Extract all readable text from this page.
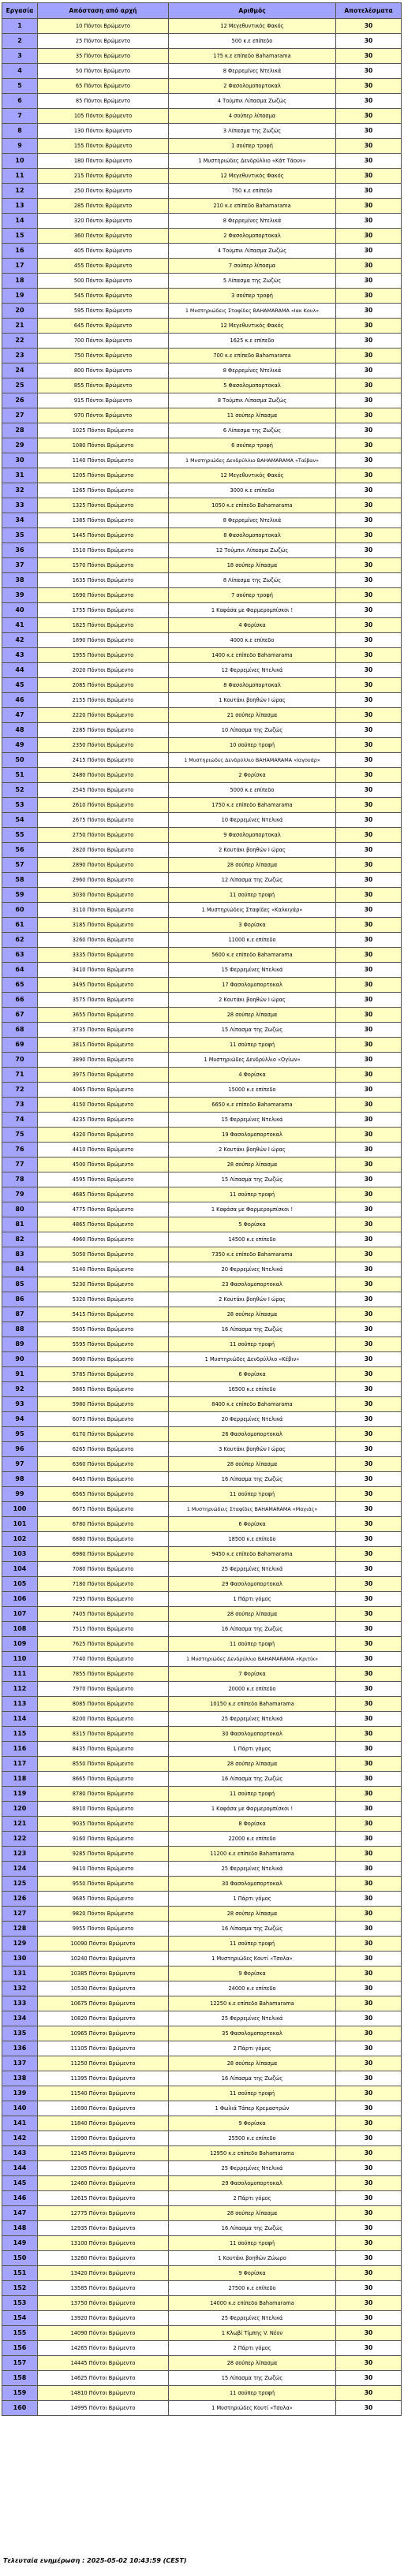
Εργασία	Απόσταση από αρχή	Αριθμός	Αποτελέσματα
1	10 Πόντοι Βρώμεντο	12 Μεγεθυντικός Φακός	30
2	25 Πόντοι Βρώμεντο	500 κ.ε επίπεδο	30
3	35 Πόντοι Βρώμεντο	175 κ.ε επίπεδο Bahamarama	30
4	50 Πόντοι Βρώμεντο	8 Φερρεμίνες Ντελικά	30
5	65 Πόντοι Βρώμεντο	2 Φασολομοπορτοκαλ	30
6	85 Πόντοι Βρώμεντο	4 Τούμπνι Λίπασμα Ζωζώς	30
7	105 Πόντοι Βρώμεντο	4 σούπερ λίπασμα	30
8	130 Πόντοι Βρώμεντο	3 Λίπασμα της Ζωζώς	30
9	155 Πόντοι Βρώμεντο	1 σούπερ τροφή	30
10	180 Πόντοι Βρώμεντο	1 Μυστηριώδες Δενδρύλλιο «Κάτ Τάουν»	30
11	215 Πόντοι Βρώμεντο	12 Μεγεθυντικός Φακός	30
12	250 Πόντοι Βρώμεντο	750 κ.ε επίπεδο	30
13	285 Πόντοι Βρώμεντο	210 κ.ε επίπεδο Bahamarama	30
14	320 Πόντοι Βρώμεντο	8 Φερρεμίνες Ντελικά	30
15	360 Πόντοι Βρώμεντο	2 Φασολομοπορτοκαλ	30
16	405 Πόντοι Βρώμεντο	4 Τούμπνι Λίπασμα Ζωζώς	30
17	455 Πόντοι Βρώμεντο	7 σούπερ λίπασμα	30
18	500 Πόντοι Βρώμεντο	5 Λίπασμα της Ζωζώς	30
19	545 Πόντοι Βρώμεντο	3 σούπερ τροφή	30
20	595 Πόντοι Βρώμεντο	1 Μυστηριώδεις Σταφίδες BAHAMARAMA «Ιακ Κουλ»	30
21	645 Πόντοι Βρώμεντο	12 Μεγεθυντικός Φακός	30
22	700 Πόντοι Βρώμεντο	1625 κ.ε επίπεδο	30
23	750 Πόντοι Βρώμεντο	700 κ.ε επίπεδο Bahamarama	30
24	800 Πόντοι Βρώμεντο	8 Φερρεμίνες Ντελικά	30
25	855 Πόντοι Βρώμεντο	5 Φασολομοπορτοκαλ	30
26	915 Πόντοι Βρώμεντο	8 Τούμπνι Λίπασμα Ζωζώς	30
27	970 Πόντοι Βρώμεντο	11 σούπερ λίπασμα	30
28	1025 Πόντοι Βρώμεντο	6 Λίπασμα της Ζωζώς	30
29	1080 Πόντοι Βρώμεντο	6 σούπερ τροφή	30
30	1140 Πόντοι Βρώμεντο	1 Μυστηριώδες Δενδρύλλιο BAHAMARAMA «Ταϊβαν»	30
31	1205 Πόντοι Βρώμεντο	12 Μεγεθυντικός Φακός	30
32	1265 Πόντοι Βρώμεντο	3000 κ.ε επίπεδο	30
33	1325 Πόντοι Βρώμεντο	1050 κ.ε επίπεδο Bahamarama	30
34	1385 Πόντοι Βρώμεντο	8 Φερρεμίνες Ντελικά	30
35	1445 Πόντοι Βρώμεντο	8 Φασολομοπορτοκαλ	30
36	1510 Πόντοι Βρώμεντο	12 Τούμπνι Λίπασμα Ζωζώς	30
37	1570 Πόντοι Βρώμεντο	18 σούπερ λίπασμα	30
38	1635 Πόντοι Βρώμεντο	8 Λίπασμα της Ζωζώς	30
39	1690 Πόντοι Βρώμεντο	7 σούπερ τροφή	30
40	1755 Πόντοι Βρώμεντο	1 Καφάσα με Φαρμερομπίσκοι !	30
41	1825 Πόντοι Βρώμεντο	4 Φορίσκα	30
42	1890 Πόντοι Βρώμεντο	4000 κ.ε επίπεδο	30
43	1955 Πόντοι Βρώμεντο	1400 κ.ε επίπεδο Bahamarama	30
44	2020 Πόντοι Βρώμεντο	12 Φερρεμίνες Ντελικά	30
45	2085 Πόντοι Βρώμεντο	8 Φασολομοπορτοκαλ	30
46	2155 Πόντοι Βρώμεντο	1 Κουτάκι βοηθών Ι ώρας	30
47	2220 Πόντοι Βρώμεντο	21 σούπερ λίπασμα	30
48	2285 Πόντοι Βρώμεντο	10 Λίπασμα της Ζωζώς	30
49	2350 Πόντοι Βρώμεντο	10 σούπερ τροφή	30
50	2415 Πόντοι Βρώμεντο	1 Μυστηριώδες Δενδρύλλιο BAHAMARAMA «Ιαγουάρ»	30
51	2480 Πόντοι Βρώμεντο	2 Φορίσκα	30
52	2545 Πόντοι Βρώμεντο	5000 κ.ε επίπεδο	30
53	2610 Πόντοι Βρώμεντο	1750 κ.ε επίπεδο Bahamarama	30
54	2675 Πόντοι Βρώμεντο	10 Φερρεμίνες Ντελικά	30
55	2750 Πόντοι Βρώμεντο	9 Φασολομοπορτοκαλ	30
56	2820 Πόντοι Βρώμεντο	2 Κουτάκι βοηθών Ι ώρας	30
57	2890 Πόντοι Βρώμεντο	28 σούπερ λίπασμα	30
58	2960 Πόντοι Βρώμεντο	12 Λίπασμα της Ζωζώς	30
59	3030 Πόντοι Βρώμεντο	11 σούπερ τροφή	30
60	3110 Πόντοι Βρώμεντο	1 Μυστηριώδεις Σταφίδες «Καλκιγάρ»	30
61	3185 Πόντοι Βρώμεντο	3 Φορίσκα	30
62	3260 Πόντοι Βρώμεντο	11000 κ.ε επίπεδο	30
63	3335 Πόντοι Βρώμεντο	5600 κ.ε επίπεδο Bahamarama	30
64	3410 Πόντοι Βρώμεντο	15 Φερρεμίνες Ντελικά	30
65	3495 Πόντοι Βρώμεντο	17 Φασολομοπορτοκαλ	30
66	3575 Πόντοι Βρώμεντο	2 Κουτάκι βοηθών Ι ώρας	30
67	3655 Πόντοι Βρώμεντο	28 σούπερ λίπασμα	30
68	3735 Πόντοι Βρώμεντο	15 Λίπασμα της Ζωζώς	30
69	3815 Πόντοι Βρώμεντο	11 σούπερ τροφή	30
70	3890 Πόντοι Βρώμεντο	1 Μυστηριώδες Δενδρύλλιο «Ογίων»	30
71	3975 Πόντοι Βρώμεντο	4 Φορίσκα	30
72	4065 Πόντοι Βρώμεντο	15000 κ.ε επίπεδο	30
73	4150 Πόντοι Βρώμεντο	6650 κ.ε επίπεδο Bahamarama	30
74	4235 Πόντοι Βρώμεντο	15 Φερρεμίνες Ντελικά	30
75	4320 Πόντοι Βρώμεντο	19 Φασολομοπορτοκαλ	30
76	4410 Πόντοι Βρώμεντο	2 Κουτάκι βοηθών Ι ώρας	30
77	4500 Πόντοι Βρώμεντο	28 σούπερ λίπασμα	30
78	4595 Πόντοι Βρώμεντο	15 Λίπασμα της Ζωζώς	30
79	4685 Πόντοι Βρώμεντο	11 σούπερ τροφή	30
80	4775 Πόντοι Βρώμεντο	1 Καφάσα με Φαρμερομπίσκοι !	30
81	4865 Πόντοι Βρώμεντο	5 Φορίσκα	30
82	4960 Πόντοι Βρώμεντο	14500 κ.ε επίπεδο	30
83	5050 Πόντοι Βρώμεντο	7350 κ.ε επίπεδο Bahamarama	30
84	5140 Πόντοι Βρώμεντο	20 Φερρεμίνες Ντελικά	30
85	5230 Πόντοι Βρώμεντο	23 Φασολομοπορτοκαλ	30
86	5320 Πόντοι Βρώμεντο	2 Κουτάκι βοηθών Ι ώρας	30
87	5415 Πόντοι Βρώμεντο	28 σούπερ λίπασμα	30
88	5505 Πόντοι Βρώμεντο	16 Λίπασμα της Ζωζώς	30
89	5595 Πόντοι Βρώμεντο	11 σούπερ τροφή	30
90	5690 Πόντοι Βρώμεντο	1 Μυστηριώδες Δενδρύλλιο «Κέβιν»	30
91	5785 Πόντοι Βρώμεντο	6 Φορίσκα	30
92	5885 Πόντοι Βρώμεντο	16500 κ.ε επίπεδο	30
93	5980 Πόντοι Βρώμεντο	8400 κ.ε επίπεδο Bahamarama	30
94	6075 Πόντοι Βρώμεντο	20 Φερρεμίνες Ντελικά	30
95	6170 Πόντοι Βρώμεντο	26 Φασολομοπορτοκαλ	30
96	6265 Πόντοι Βρώμεντο	3 Κουτάκι βοηθών Ι ώρας	30
97	6360 Πόντοι Βρώμεντο	28 σούπερ λίπασμα	30
98	6465 Πόντοι Βρώμεντο	16 Λίπασμα της Ζωζώς	30
99	6565 Πόντοι Βρώμεντο	11 σούπερ τροφή	30
100	6675 Πόντοι Βρώμεντο	1 Μυστηριώδεις Σταφίδες BAHAMARAMA «Μαγιάς»	30
101	6780 Πόντοι Βρώμεντο	6 Φορίσκα	30
102	6880 Πόντοι Βρώμεντο	18500 κ.ε επίπεδο	30
103	6980 Πόντοι Βρώμεντο	9450 κ.ε επίπεδο Bahamarama	30
104	7080 Πόντοι Βρώμεντο	25 Φερρεμίνες Ντελικά	30
105	7180 Πόντοι Βρώμεντο	29 Φασολομοπορτοκαλ	30
106	7295 Πόντοι Βρώμεντο	1 Πάρτι γόμος	30
107	7405 Πόντοι Βρώμεντο	28 σούπερ λίπασμα	30
108	7515 Πόντοι Βρώμεντο	16 Λίπασμα της Ζωζώς	30
109	7625 Πόντοι Βρώμεντο	11 σούπερ τροφή	30
110	7740 Πόντοι Βρώμεντο	1 Μυστηριώδες Δενδρύλλιο BAHAMARAMA «Κριτίκ»	30
111	7855 Πόντοι Βρώμεντο	7 Φορίσκα	30
112	7970 Πόντοι Βρώμεντο	20000 κ.ε επίπεδο	30
113	8085 Πόντοι Βρώμεντο	10150 κ.ε επίπεδο Bahamarama	30
114	8200 Πόντοι Βρώμεντο	25 Φερρεμίνες Ντελικά	30
115	8315 Πόντοι Βρώμεντο	30 Φασολομοπορτοκαλ	30
116	8435 Πόντοι Βρώμεντο	1 Πάρτι γόμος	30
117	8550 Πόντοι Βρώμεντο	28 σούπερ λίπασμα	30
118	8665 Πόντοι Βρώμεντο	16 Λίπασμα της Ζωζώς	30
119	8780 Πόντοι Βρώμεντο	11 σούπερ τροφή	30
120	8910 Πόντοι Βρώμεντο	1 Καφάσα με Φαρμερομπίσκοι !	30
121	9035 Πόντοι Βρώμεντο	8 Φορίσκα	30
122	9160 Πόντοι Βρώμεντο	22000 κ.ε επίπεδο	30
123	9285 Πόντοι Βρώμεντο	11200 κ.ε επίπεδο Bahamarama	30
124	9410 Πόντοι Βρώμεντο	25 Φερρεμίνες Ντελικά	30
125	9550 Πόντοι Βρώμεντο	30 Φασολομοπορτοκαλ	30
126	9685 Πόντοι Βρώμεντο	1 Πάρτι γόμος	30
127	9820 Πόντοι Βρώμεντο	28 σούπερ λίπασμα	30
128	9955 Πόντοι Βρώμεντο	16 Λίπασμα της Ζωζώς	30
129	10090 Πόντοι Βρώμεντο	11 σούπερ τροφή	30
130	10240 Πόντοι Βρώμεντο	1 Μυστηριώδες Κουτί «Τσολα»	30
131	10385 Πόντοι Βρώμεντο	9 Φορίσκα	30
132	10530 Πόντοι Βρώμεντο	24000 κ.ε επίπεδο	30
133	10675 Πόντοι Βρώμεντο	12250 κ.ε επίπεδο Bahamarama	30
134	10820 Πόντοι Βρώμεντο	25 Φερρεμίνες Ντελικά	30
135	10965 Πόντοι Βρώμεντο	35 Φασολομοπορτοκαλ	30
136	11105 Πόντοι Βρώμεντο	2 Πάρτι γόμος	30
137	11250 Πόντοι Βρώμεντο	28 σούπερ λίπασμα	30
138	11395 Πόντοι Βρώμεντο	16 Λίπασμα της Ζωζώς	30
139	11540 Πόντοι Βρώμεντο	11 σούπερ τροφή	30
140	11690 Πόντοι Βρώμεντο	1 Φωλιά Τάπερ Κρεμαστρών	30
141	11840 Πόντοι Βρώμεντο	9 Φορίσκα	30
142	11990 Πόντοι Βρώμεντο	25500 κ.ε επίπεδο	30
143	12145 Πόντοι Βρώμεντο	12950 κ.ε επίπεδο Bahamarama	30
144	12305 Πόντοι Βρώμεντο	25 Φερρεμίνες Ντελικά	30
145	12460 Πόντοι Βρώμεντο	29 Φασολομοπορτοκαλ	30
146	12615 Πόντοι Βρώμεντο	2 Πάρτι γόμος	30
147	12775 Πόντοι Βρώμεντο	28 σούπερ λίπασμα	30
148	12935 Πόντοι Βρώμεντο	16 Λίπασμα της Ζωζώς	30
149	13100 Πόντοι Βρώμεντο	11 σούπερ τροφή	30
150	13260 Πόντοι Βρώμεντο	1 Κουτάκι βοηθών Ζώωρο	30
151	13420 Πόντοι Βρώμεντο	9 Φορίσκα	30
152	13585 Πόντοι Βρώμεντο	27500 κ.ε επίπεδο	30
153	13750 Πόντοι Βρώμεντο	14000 κ.ε επίπεδο Bahamarama	30
154	13920 Πόντοι Βρώμεντο	25 Φερρεμίνες Ντελικά	30
155	14090 Πόντοι Βρώμεντο	1 Κλωβί Τίμπης V. Νέον	30
156	14265 Πόντοι Βρώμεντο	2 Πάρτι γόμος	30
157	14445 Πόντοι Βρώμεντο	28 σούπερ λίπασμα	30
158	14625 Πόντοι Βρώμεντο	15 Λίπασμα της Ζωζώς	30
159	14810 Πόντοι Βρώμεντο	11 σούπερ τροφή	30
160	14995 Πόντοι Βρώμεντο	1 Μυστηριώδες Κουτί «Τσολα»	30
Τελευταία ενημέρωση : 2025-05-02 10:43:59 (CEST)
